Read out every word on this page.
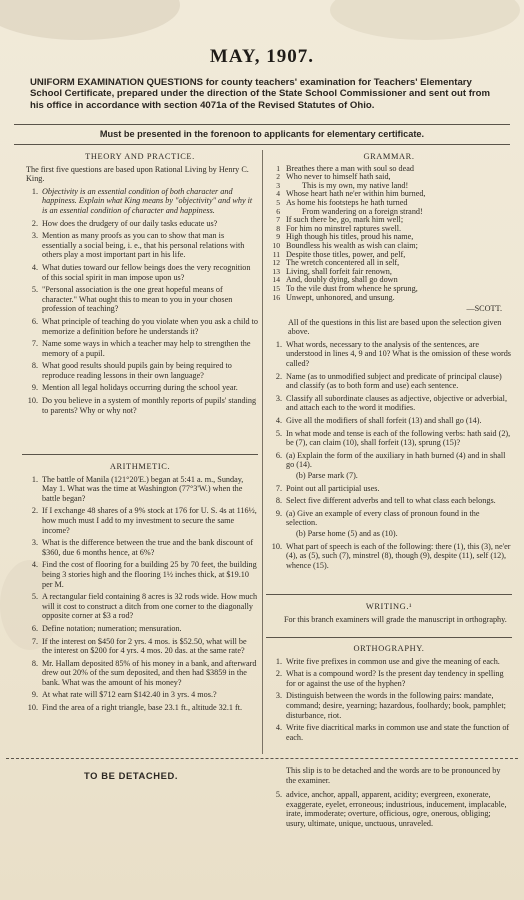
MAY, 1907.
UNIFORM EXAMINATION QUESTIONS for county teachers' examination for Teachers' Elementary School Certificate, prepared under the direction of the State School Commissioner and sent out from his office in accordance with section 4071a of the Revised Statutes of Ohio.
Must be presented in the forenoon to applicants for elementary certificate.
THEORY AND PRACTICE.
The first five questions are based upon Rational Living by Henry C. King.
1. Objectivity is an essential condition of both character and happiness. Explain what King means by "objectivity" and why it is an essential condition of character and happiness.
2. How does the drudgery of our daily tasks educate us?
3. Mention as many proofs as you can to show that man is essentially a social being, i. e., that his personal relations with others play a most important part in his life.
4. What duties toward our fellow beings does the very recognition of this social spirit in man impose upon us?
5. "Personal association is the one great hopeful means of character." What ought this to mean to you in your chosen profession of teaching?
6. What principle of teaching do you violate when you ask a child to memorize a definition before he understands it?
7. Name some ways in which a teacher may help to strengthen the memory of a pupil.
8. What good results should pupils gain by being required to reproduce reading lessons in their own language?
9. Mention all legal holidays occurring during the school year.
10. Do you believe in a system of monthly reports of pupils' standing to parents? Why or why not?
ARITHMETIC.
1. The battle of Manila (121°20'E.) began at 5:41 a. m., Sunday, May 1. What was the time at Washington (77°3'W.) when the battle began?
2. If I exchange 48 shares of a 9% stock at 176 for U. S. 4s at 116½, how much must I add to my investment to secure the same income?
3. What is the difference between the true and the bank discount of $360, due 6 months hence, at 6%?
4. Find the cost of flooring for a building 25 by 70 feet, the building being 3 stories high and the flooring 1½ inches thick, at $19.10 per M.
5. A rectangular field containing 8 acres is 32 rods wide. How much will it cost to construct a ditch from one corner to the diagonally opposite corner at $3 a rod?
6. Define notation; numeration; mensuration.
7. If the interest on $450 for 2 yrs. 4 mos. is $52.50, what will be the interest on $200 for 4 yrs. 4 mos. 20 das. at the same rate?
8. Mr. Hallam deposited 85% of his money in a bank, and afterward drew out 20% of the sum deposited, and then had $3859 in the bank. What was the amount of his money?
9. At what rate will $712 earn $142.40 in 3 yrs. 4 mos.?
10. Find the area of a right triangle, base 23.1 ft., altitude 32.1 ft.
GRAMMAR.
1 Breathes there a man with soul so dead
2 Who never to himself hath said,
3	This is my own, my native land!
4 Whose heart hath ne'er within him burned,
5 As home his footsteps he hath turned
6	From wandering on a foreign strand!
7 If such there be, go, mark him well;
8 For him no minstrel raptures swell.
9 High though his titles, proud his name,
10 Boundless his wealth as wish can claim;
11 Despite those titles, power, and pelf,
12 The wretch concentered all in self,
13 Living, shall forfeit fair renown,
14 And, doubly dying, shall go down
15 To the vile dust from whence he sprung,
16 Unwept, unhonored, and unsung.
—SCOTT.
All of the questions in this list are based upon the selection given above.
1. What words, necessary to the analysis of the sentences, are understood in lines 4, 9 and 10? What is the omission of these words called?
2. Name (as to unmodified subject and predicate of principal clause) and classify (as to both form and use) each sentence.
3. Classify all subordinate clauses as adjective, objective or adverbial, and attach each to the word it modifies.
4. Give all the modifiers of shall forfeit (13) and shall go (14).
5. In what mode and tense is each of the following verbs: hath said (2), be (7), can claim (10), shall forfeit (13), sprung (15)?
6. (a) Explain the form of the auxiliary in hath burned (4) and in shall go (14).
(b) Parse mark (7).
7. Point out all participial uses.
8. Select five different adverbs and tell to what class each belongs.
9. (a) Give an example of every class of pronoun found in the selection.
(b) Parse home (5) and as (10).
10. What part of speech is each of the following: there (1), this (3), ne'er (4), as (5), such (7), minstrel (8), though (9), despite (11), self (12), whence (15).
WRITING.¹
For this branch examiners will grade the manuscript in orthography.
ORTHOGRAPHY.
1. Write five prefixes in common use and give the meaning of each.
2. What is a compound word? Is the present day tendency in spelling for or against the use of the hyphen?
3. Distinguish between the words in the following pairs: mandate, command; desire, yearning; hazardous, foolhardy; book, pamphlet; disturbance, riot.
4. Write five diacritical marks in common use and state the function of each.
TO BE DETACHED.	This slip is to be detached and the words are to be pronounced by the examiner.
5. advice, anchor, appall, apparent, acidity; evergreen, exonerate, exaggerate, eyelet, erroneous; industrious, inducement, implacable, irate, immoderate; overture, officious, ogre, onerous, obliging; usury, ultimate, unique, unctuous, unraveled.
